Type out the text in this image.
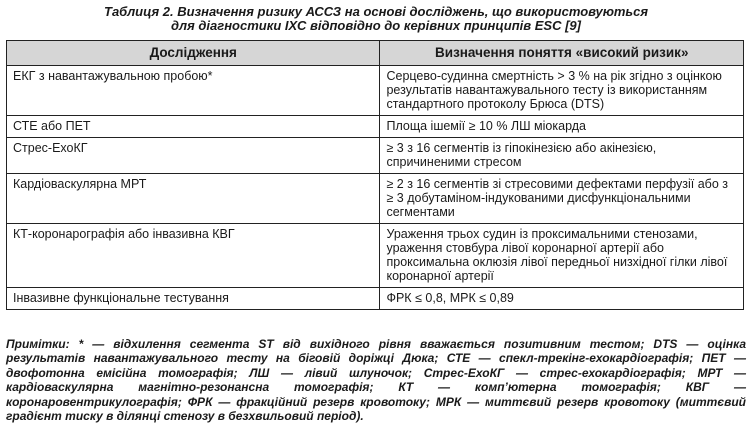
Таблиця 2. Визначення ризику АССЗ на основі досліджень, що використовуються
для діагностики ІХС відповідно до керівних принципів ESC [9]
Дослідження	Визначення поняття «високий ризик»
ЕКГ з навантажувальною пробою*	Серцево-судинна смертність > 3 % на рік згідно з оцінкою результатів навантажувального тесту із використанням стандартного протоколу Брюса (DTS)
СТЕ або ПЕТ	Площа ішемії ≥ 10 % ЛШ міокарда
Стрес-ЕхоКГ	≥ 3 з 16 сегментів із гіпокінезією або акінезією, спричиненими стресом
Кардіоваскулярна МРТ	≥ 2 з 16 сегментів зі стресовими дефектами перфузії або з ≥ 3 добутаміном-індукованими дисфункціональними сегментами
КТ-коронарографія або інвазивна КВГ	Ураження трьох судин із проксимальними стенозами, ураження стовбура лівої коронарної артерії або проксимальна оклюзія лівої передньої низхідної гілки лівої коронарної артерії
Інвазивне функціональне тестування	ФРК ≤ 0,8, МРК ≤ 0,89
Примітки: * — відхилення сегмента ST від вихідного рівня вважається позитивним тестом; DTS — оцінка результатів навантажувального тесту на біговій доріжці Дюка; СТЕ — спекл-трекінг-ехокардіографія; ПЕТ — двофотонна емісійна томографія; ЛШ — лівий шлуночок; Стрес-ЕхоКГ — стрес-ехокардіографія; МРТ — кардіоваскулярна магнітно-резонансна томографія; КТ — комп’ютерна томографія; КВГ — коронаровентрикулографія; ФРК — фракційний резерв кровотоку; МРК — миттєвий резерв кровотоку (миттєвий градієнт тиску в ділянці стенозу в безхвильовий період).
